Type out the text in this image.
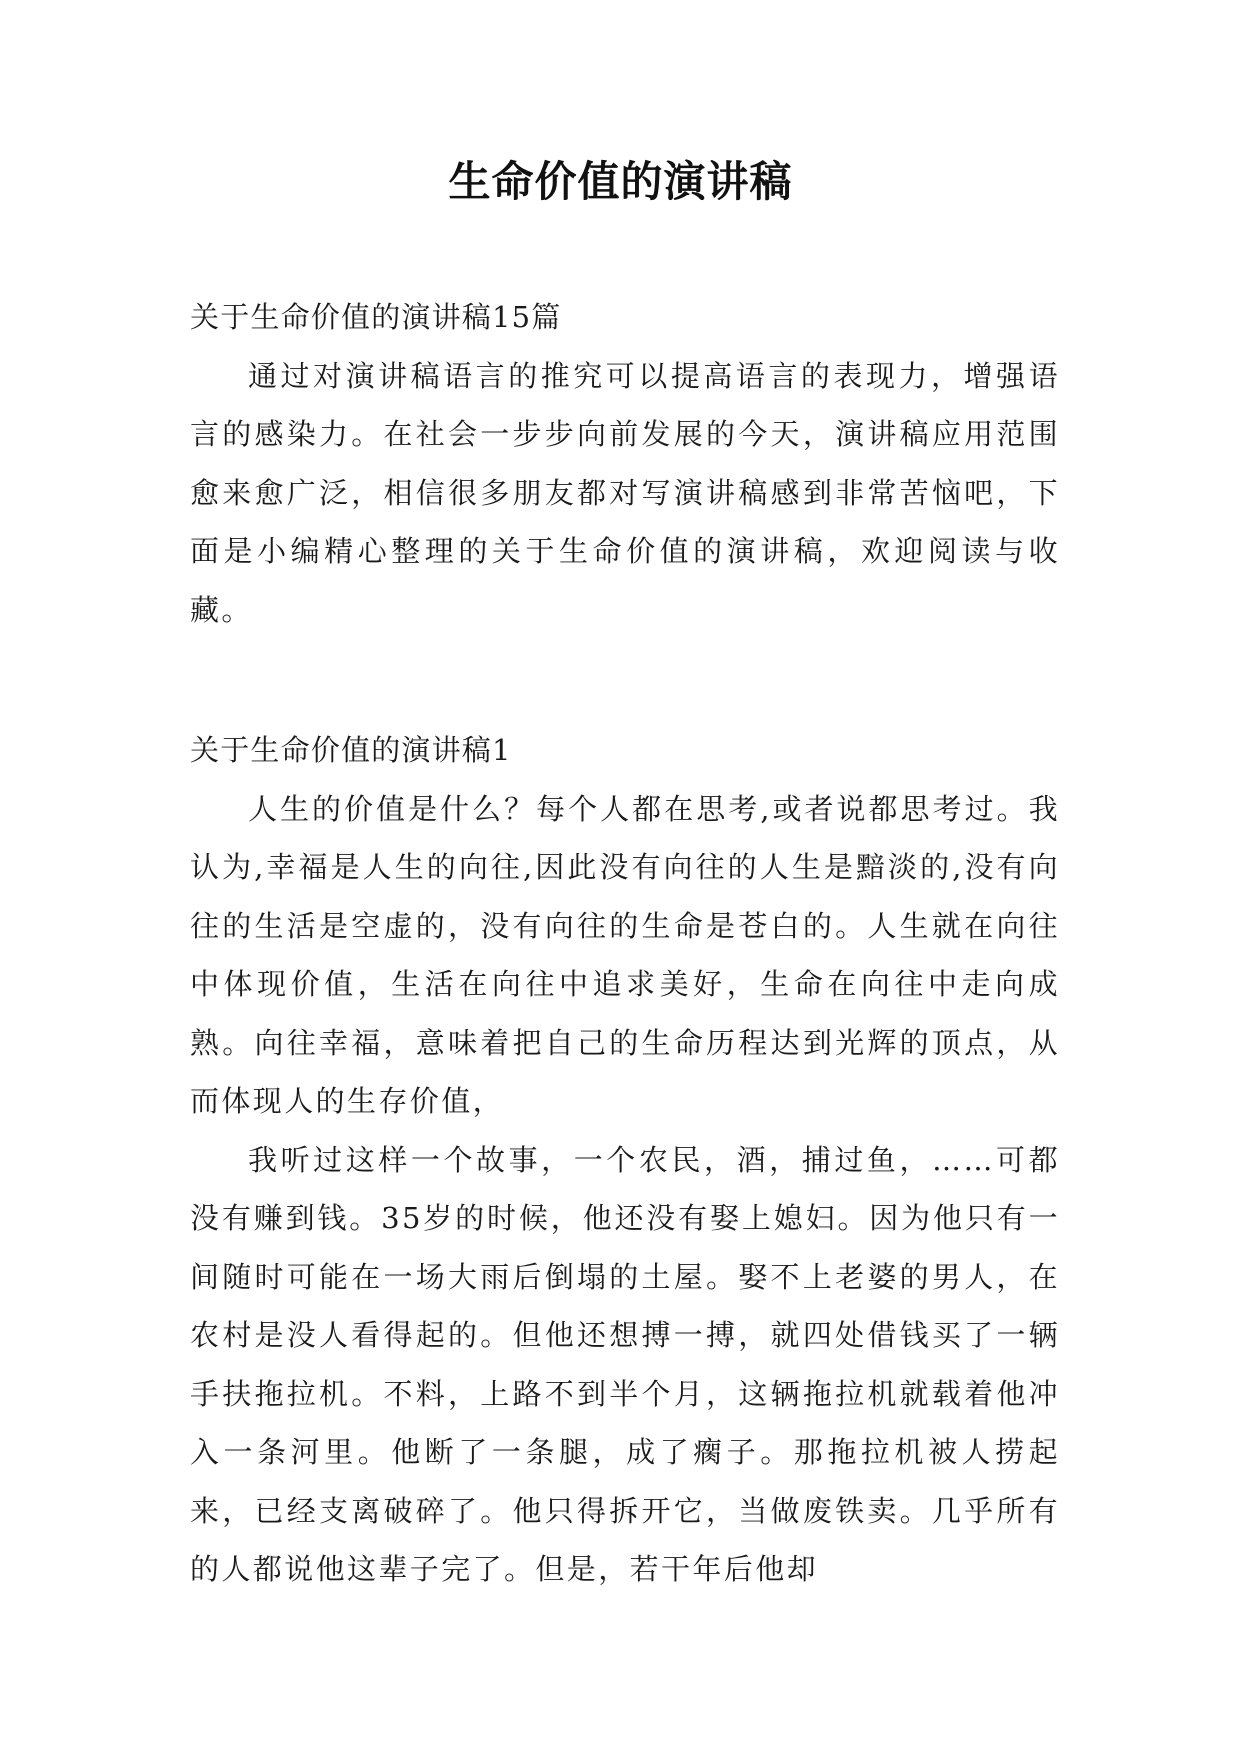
生命价值的演讲稿

关于生命价值的演讲稿15篇

通过对演讲稿语言的推究可以提高语言的表现力，增强语言的感染力。在社会一步步向前发展的今天，演讲稿应用范围愈来愈广泛，相信很多朋友都对写演讲稿感到非常苦恼吧，下面是小编精心整理的关于生命价值的演讲稿，欢迎阅读与收藏。

关于生命价值的演讲稿1

人生的价值是什么？每个人都在思考,或者说都思考过。我认为,幸福是人生的向往,因此没有向往的人生是黯淡的,没有向往的生活是空虚的，没有向往的生命是苍白的。人生就在向往中体现价值，生活在向往中追求美好，生命在向往中走向成熟。向往幸福，意味着把自己的生命历程达到光辉的顶点，从而体现人的生存价值，

我听过这样一个故事，一个农民，酒，捕过鱼，……可都没有赚到钱。35岁的时候，他还没有娶上媳妇。因为他只有一间随时可能在一场大雨后倒塌的土屋。娶不上老婆的男人，在农村是没人看得起的。但他还想搏一搏，就四处借钱买了一辆手扶拖拉机。不料，上路不到半个月，这辆拖拉机就载着他冲入一条河里。他断了一条腿，成了瘸子。那拖拉机被人捞起来，已经支离破碎了。他只得拆开它，当做废铁卖。几乎所有的人都说他这辈子完了。但是，若干年后他却
